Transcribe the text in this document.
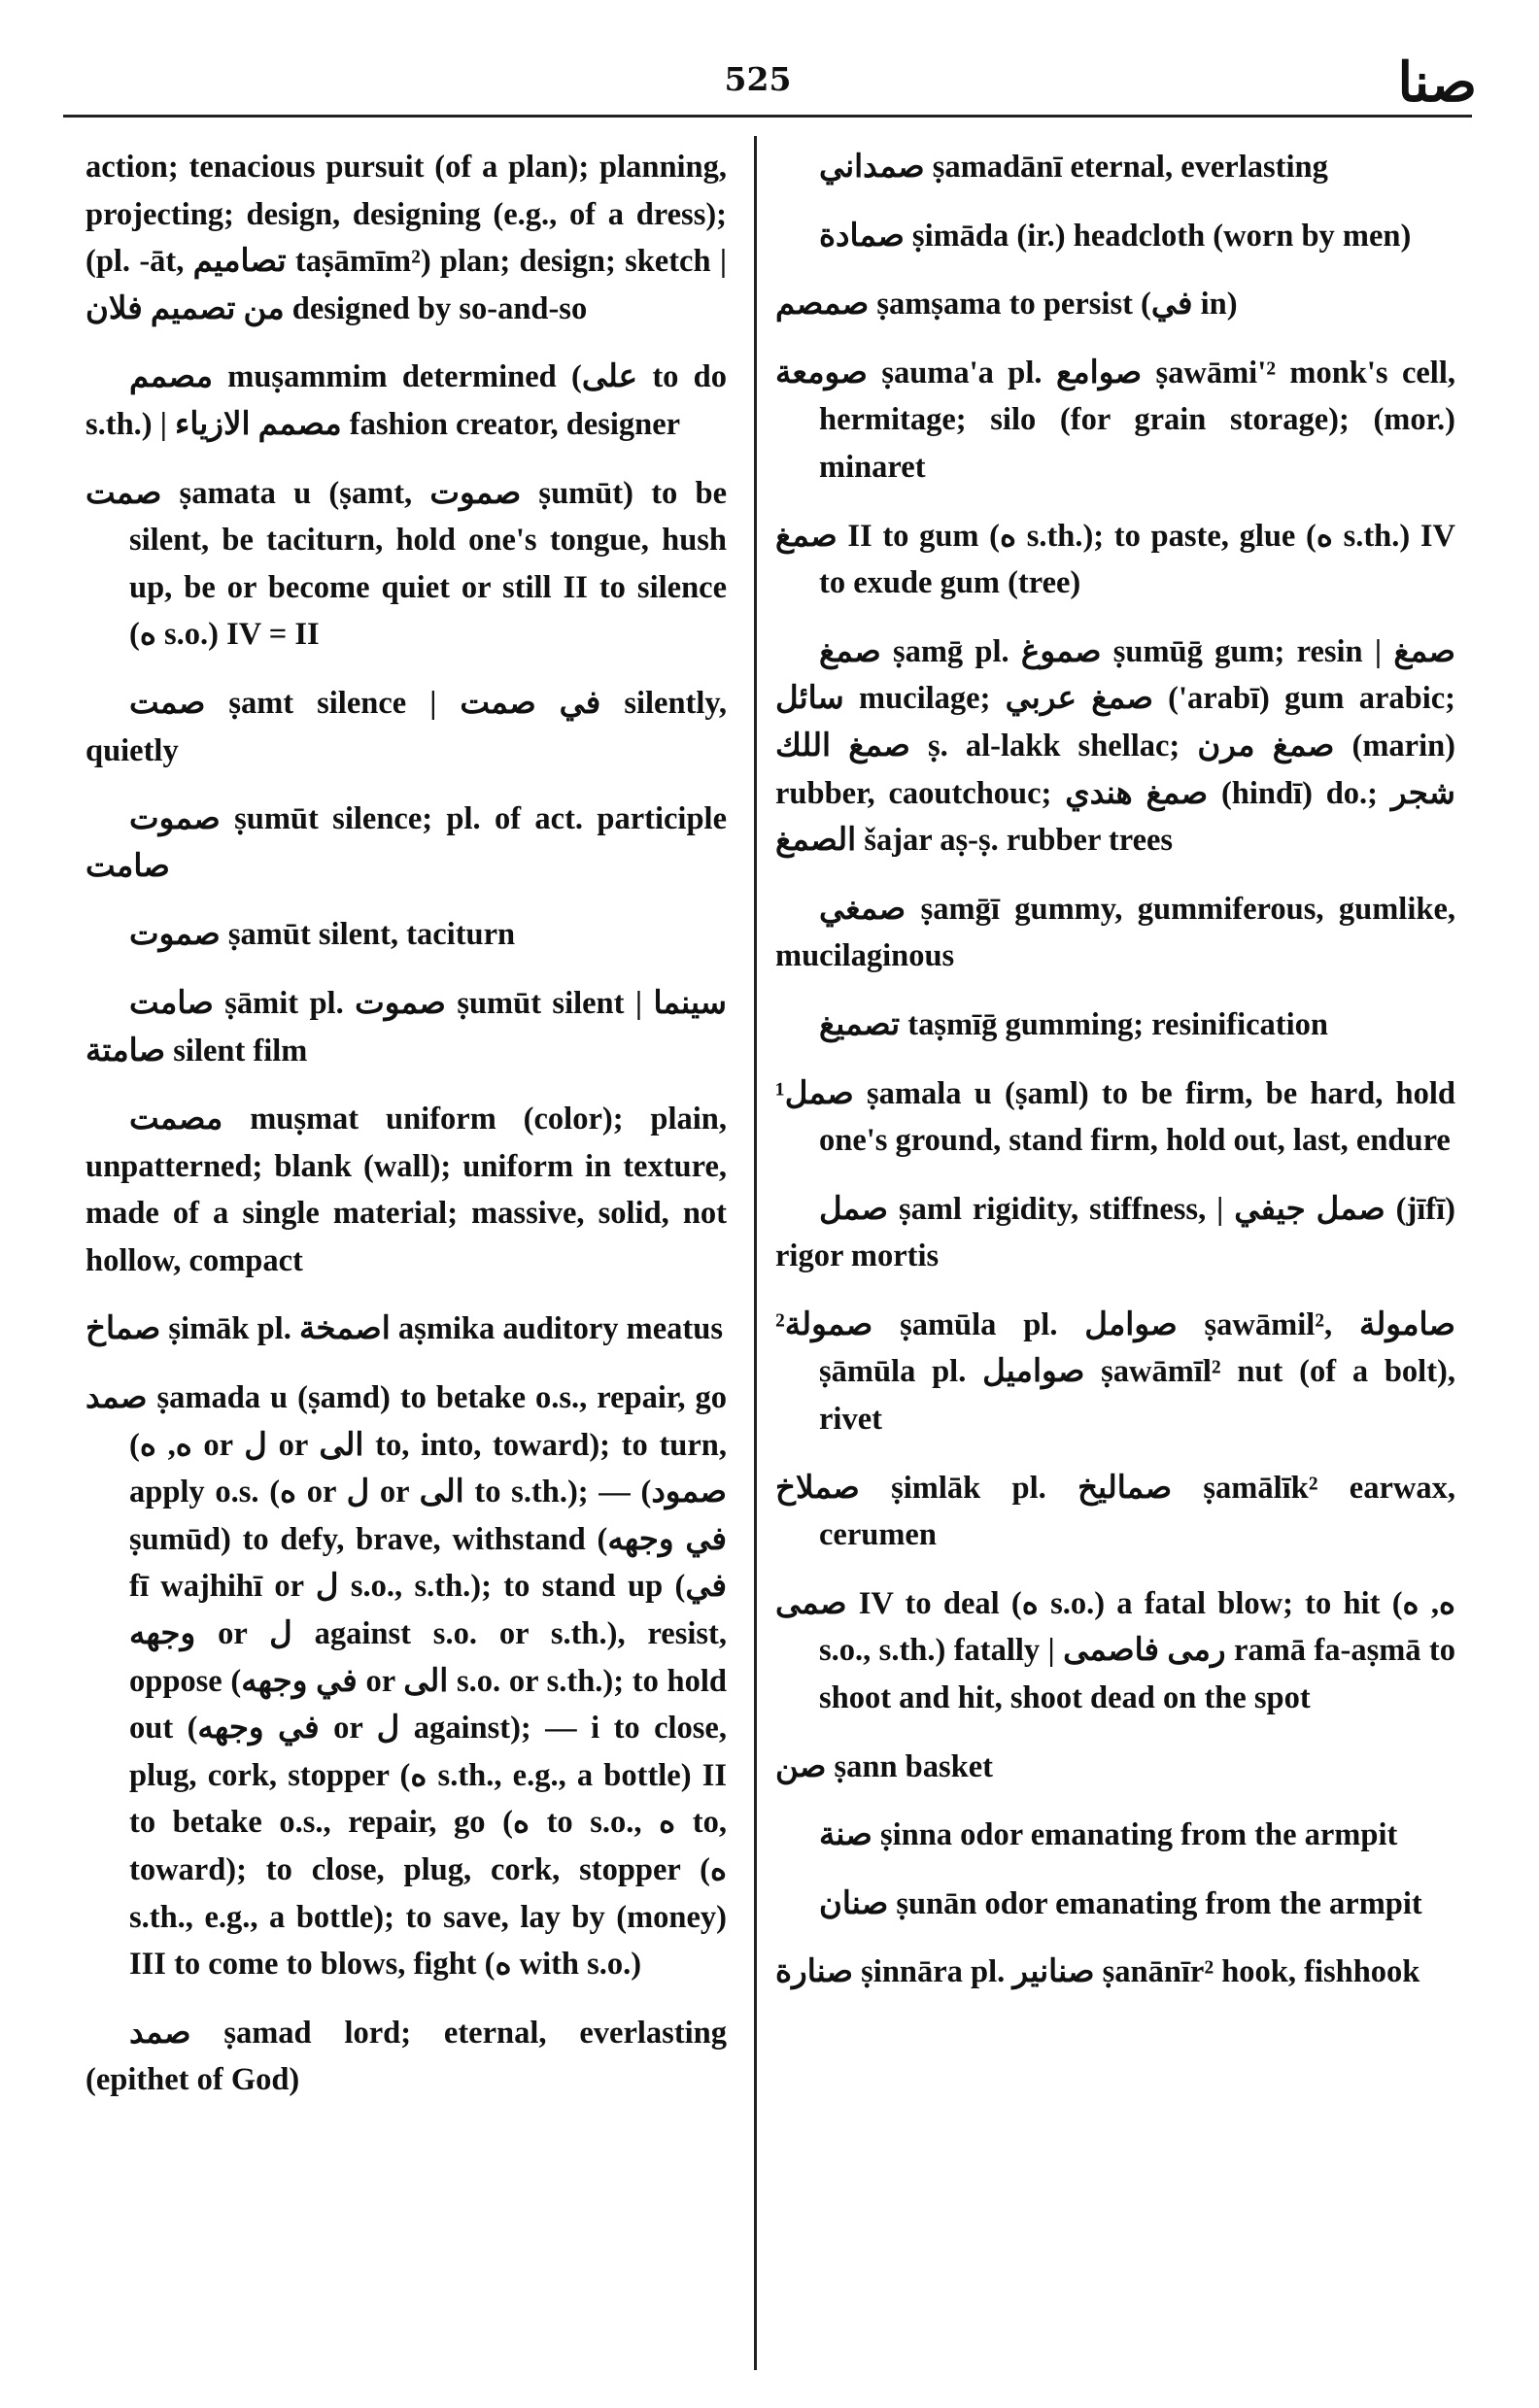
525	صنا

action; tenacious pursuit (of a plan); planning, projecting; design, designing (e.g., of a dress); (pl. -āt, تصاميم taṣāmīm²) plan; design; sketch | من تصميم فلان designed by so-and-so

مصمم muṣammim determined (على to do s.th.) | مصمم الازياء fashion creator, designer

صمت ṣamata u (ṣamt, صموت ṣumūt) to be silent, be taciturn, hold one's tongue, hush up, be or become quiet or still II to silence (ه s.o.) IV = II

صمت ṣamt silence | في صمت silently, quietly

صموت ṣumūt silence; pl. of act. participle صامت

صموت ṣamūt silent, taciturn

صامت ṣāmit pl. صموت ṣumūt silent | سينما صامتة silent film

مصمت muṣmat uniform (color); plain, unpatterned; blank (wall); uniform in texture, made of a single material; massive, solid, not hollow, compact

صماخ ṣimāk pl. اصمخة aṣmika auditory meatus

صمد ṣamada u (ṣamd) to betake o.s., repair, go (ه, ه or ل or الى to, into, toward); to turn, apply o.s. (ه or ل or الى to s.th.); — (صمود ṣumūd) to defy, brave, withstand (في وجهه fī wajhihī or ل s.o., s.th.); to stand up (في وجهه or ل against s.o. or s.th.), resist, oppose (في وجهه or الى s.o. or s.th.); to hold out (في وجهه or ل against); — i to close, plug, cork, stopper (ه s.th., e.g., a bottle) II to betake o.s., repair, go (ه to s.o., ه to, toward); to close, plug, cork, stopper (ه s.th., e.g., a bottle); to save, lay by (money) III to come to blows, fight (ه with s.o.)

صمد ṣamad lord; eternal, everlasting (epithet of God)

صمداني ṣamadānī eternal, everlasting

صمادة ṣimāda (ir.) headcloth (worn by men)

صمصم ṣamṣama to persist (في in)

صومعة ṣauma'a pl. صوامع ṣawāmi'² monk's cell, hermitage; silo (for grain storage); (mor.) minaret

صمغ II to gum (ه s.th.); to paste, glue (ه s.th.) IV to exude gum (tree)

صمغ ṣamḡ pl. صموغ ṣumūḡ gum; resin | صمغ سائل mucilage; صمغ عربي ('arabī) gum arabic; صمغ اللك ṣ. al-lakk shellac; صمغ مرن (marin) rubber, caoutchouc; صمغ هندي (hindī) do.; شجر الصمغ šajar aṣ-ṣ. rubber trees

صمغي ṣamḡī gummy, gummiferous, gumlike, mucilaginous

تصميغ taṣmīḡ gumming; resinification

¹صمل ṣamala u (ṣaml) to be firm, be hard, hold one's ground, stand firm, hold out, last, endure

صمل ṣaml rigidity, stiffness, | صمل جيفي (jīfī) rigor mortis

²صمولة ṣamūla pl. صوامل ṣawāmil², صامولة ṣāmūla pl. صواميل ṣawāmīl² nut (of a bolt), rivet

صملاخ ṣimlāk pl. صماليخ ṣamālīk² earwax, cerumen

صمى IV to deal (ه s.o.) a fatal blow; to hit (ه, ه s.o., s.th.) fatally | رمى فاصمى ramā fa-aṣmā to shoot and hit, shoot dead on the spot

صن ṣann basket

صنة ṣinna odor emanating from the armpit

صنان ṣunān odor emanating from the armpit

صنارة ṣinnāra pl. صنانير ṣanānīr² hook, fishhook
